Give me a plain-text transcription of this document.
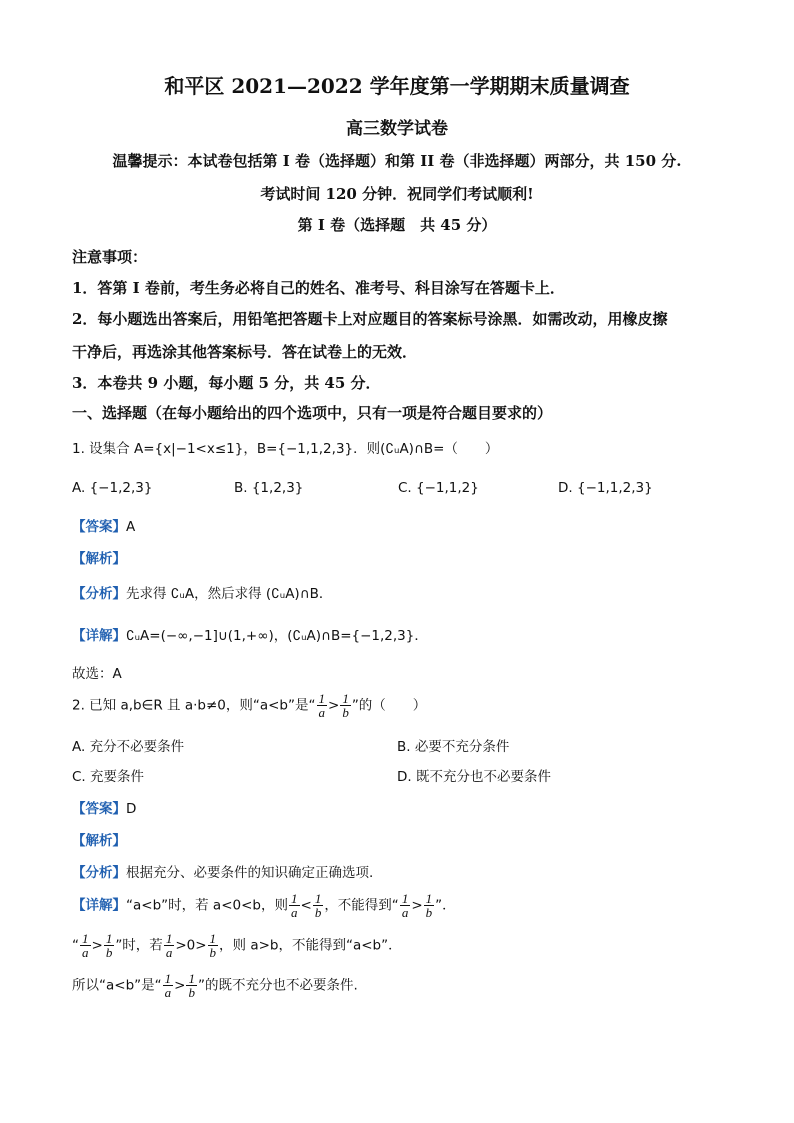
和平区 2021—2022 学年度第一学期期末质量调查
高三数学试卷
温馨提示：本试卷包括第 I 卷（选择题）和第 II 卷（非选择题）两部分，共 150 分.
考试时间 120 分钟．祝同学们考试顺利!
第 I 卷（选择题　共 45 分）
注意事项：
1．答第 I 卷前，考生务必将自己的姓名、准考号、科目涂写在答题卡上．
2．每小题选出答案后，用铅笔把答题卡上对应题目的答案标号涂黑．如需改动，用橡皮擦
干净后，再选涂其他答案标号．答在试卷上的无效．
3．本卷共 9 小题，每小题 5 分，共 45 分．
一、选择题（在每小题给出的四个选项中，只有一项是符合题目要求的）
1. 设集合 A={x|−1<x≤1}，B={−1,1,2,3}．则(∁ᵤA)∩B=（　　）
A. {−1,2,3}	B. {1,2,3}	C. {−1,1,2}	D. {−1,1,2,3}
【答案】A
【解析】
【分析】先求得 ∁ᵤA，然后求得 (∁ᵤA)∩B．
【详解】∁ᵤA=(−∞,−1]∪(1,+∞)，(∁ᵤA)∩B={−1,2,3}．
故选：A
2. 已知 a,b∈R 且 a·b≠0，则“a<b”是“ $\frac{1}{a} > \frac{1}{b}$ ”的（　　）
A. 充分不必要条件	B. 必要不充分条件
C. 充要条件	D. 既不充分也不必要条件
【答案】D
【解析】
【分析】根据充分、必要条件的知识确定正确选项.
【详解】“a<b”时，若 a<0<b，则 $\frac{1}{a} < \frac{1}{b}$ ，不能得到“ $\frac{1}{a} > \frac{1}{b}$ ”．
“ $\frac{1}{a} > \frac{1}{b}$ ”时，若 $\frac{1}{a} >0> \frac{1}{b}$ ，则 a>b，不能得到“a<b”．
所以“a<b”是“ $\frac{1}{a} > \frac{1}{b}$ ”的既不充分也不必要条件.
